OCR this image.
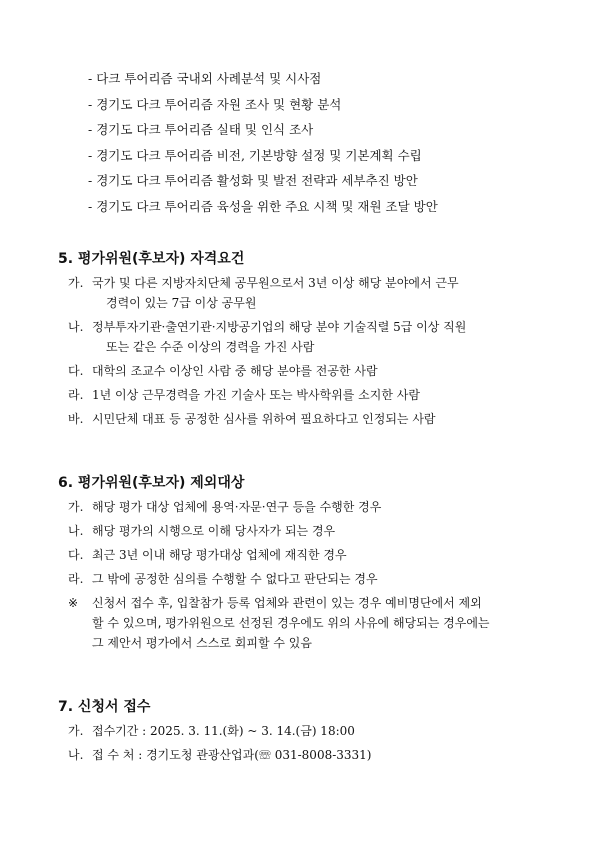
- 다크 투어리즘 국내외 사례분석 및 시사점
- 경기도 다크 투어리즘 자원 조사 및 현황 분석
- 경기도 다크 투어리즘 실태 및 인식 조사
- 경기도 다크 투어리즘 비전, 기본방향 설정 및 기본계획 수립
- 경기도 다크 투어리즘 활성화 및 발전 전략과 세부추진 방안
- 경기도 다크 투어리즘 육성을 위한 주요 시책 및 재원 조달 방안
5. 평가위원(후보자) 자격요건
가. 국가 및 다른 지방자치단체 공무원으로서 3년 이상 해당 분야에서 근무
경력이 있는 7급 이상 공무원
나. 정부투자기관·출연기관·지방공기업의 해당 분야 기술직렬 5급 이상 직원
또는 같은 수준 이상의 경력을 가진 사람
다. 대학의 조교수 이상인 사람 중 해당 분야를 전공한 사람
라. 1년 이상 근무경력을 가진 기술사 또는 박사학위를 소지한 사람
바. 시민단체 대표 등 공정한 심사를 위하여 필요하다고 인정되는 사람
6. 평가위원(후보자) 제외대상
가. 해당 평가 대상 업체에 용역·자문·연구 등을 수행한 경우
나. 해당 평가의 시행으로 이해 당사자가 되는 경우
다. 최근 3년 이내 해당 평가대상 업체에 재직한 경우
라. 그 밖에 공정한 심의를 수행할 수 없다고 판단되는 경우
※	신청서 접수 후, 입찰참가 등록 업체와 관련이 있는 경우 예비명단에서 제외
할 수 있으며, 평가위원으로 선정된 경우에도 위의 사유에 해당되는 경우에는
그 제안서 평가에서 스스로 회피할 수 있음
7. 신청서 접수
가. 접수기간 : 2025. 3. 11.(화) ~ 3. 14.(금) 18:00
나. 접 수 처 : 경기도청 관광산업과(☏ 031-8008-3331)
